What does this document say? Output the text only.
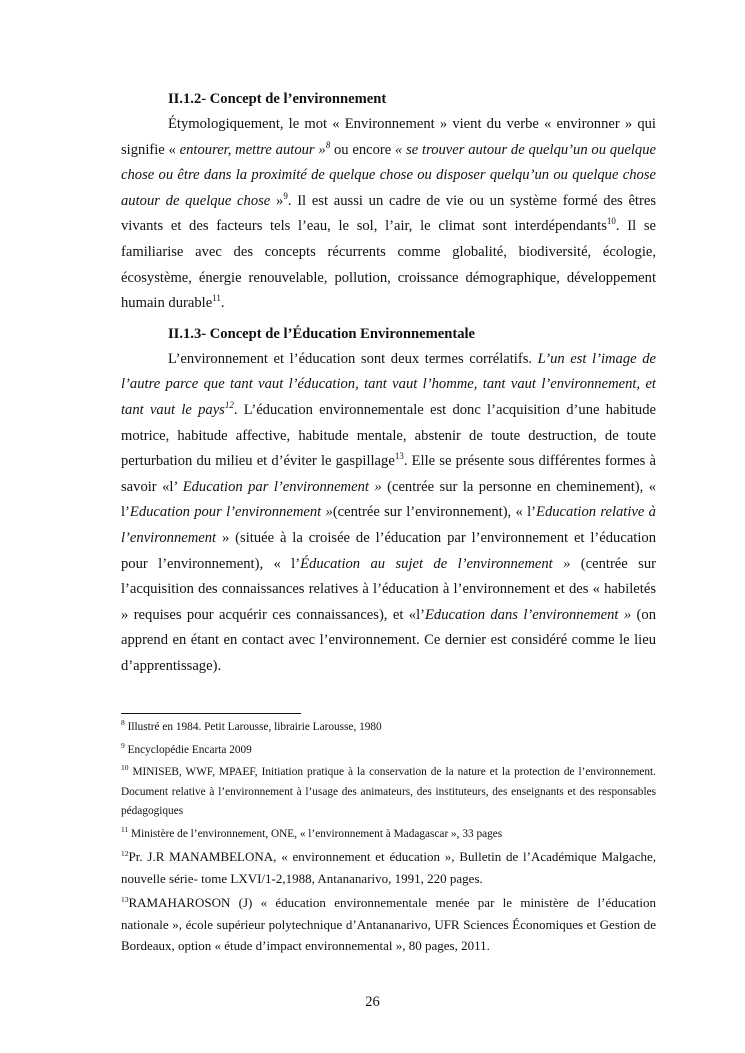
II.1.2- Concept de l’environnement

Étymologiquement, le mot « Environnement » vient du verbe « environner » qui signifie « entourer, mettre autour »$^8$ ou encore « se trouver autour de quelqu’un ou quelque chose ou être dans la proximité de quelque chose ou disposer quelqu’un ou quelque chose autour de quelque chose »$^9$. Il est aussi un cadre de vie ou un système formé des êtres vivants et des facteurs tels l’eau, le sol, l’air, le climat sont interdépendants$^{10}$. Il se familiarise avec des concepts récurrents comme globalité, biodiversité, écologie, écosystème, énergie renouvelable, pollution, croissance démographique, développement humain durable$^{11}$.

II.1.3- Concept de l’Éducation Environnementale

L’environnement et l’éducation sont deux termes corrélatifs. L’un est l’image de l’autre parce que tant vaut l’éducation, tant vaut l’homme, tant vaut l’environnement, et tant vaut le pays$^{12}$. L’éducation environnementale est donc l’acquisition d’une habitude motrice, habitude affective, habitude mentale, abstenir de toute destruction, de toute perturbation du milieu et d’éviter le gaspillage$^{13}$. Elle se présente sous différentes formes à savoir «l’ Education par l’environnement » (centrée sur la personne en cheminement), « l’Education pour l’environnement »(centrée sur l’environnement), « l’Education relative à l’environnement » (située à la croisée de l’éducation par l’environnement et l’éducation pour l’environnement), « l’Éducation au sujet de l’environnement » (centrée sur l’acquisition des connaissances relatives à l’éducation à l’environnement et des « habiletés » requises pour acquérir ces connaissances), et «l’Education dans l’environnement » (on apprend en étant en contact avec l’environnement. Ce dernier est considéré comme le lieu d’apprentissage).

$^8$ Illustré en 1984. Petit Larousse, librairie Larousse, 1980

$^9$ Encyclopédie Encarta 2009

$^{10}$ MINISEB, WWF, MPAEF, Initiation pratique à la conservation de la nature et la protection de l’environnement. Document relative à l’environnement à l’usage des animateurs, des instituteurs, des enseignants et des responsables pédagogiques

$^{11}$ Ministère de l’environnement, ONE, « l’environnement à Madagascar », 33 pages

$^{12}$Pr. J.R MANAMBELONA, « environnement et éducation », Bulletin de l’Académique Malgache, nouvelle série- tome LXVI/1-2,1988, Antananarivo, 1991, 220 pages.

$^{13}$RAMAHAROSON (J) « éducation environnementale menée par le ministère de l’éducation nationale », école supérieur polytechnique d’Antananarivo, UFR Sciences Économiques et Gestion de Bordeaux, option « étude d’impact environnemental », 80 pages, 2011.

26
